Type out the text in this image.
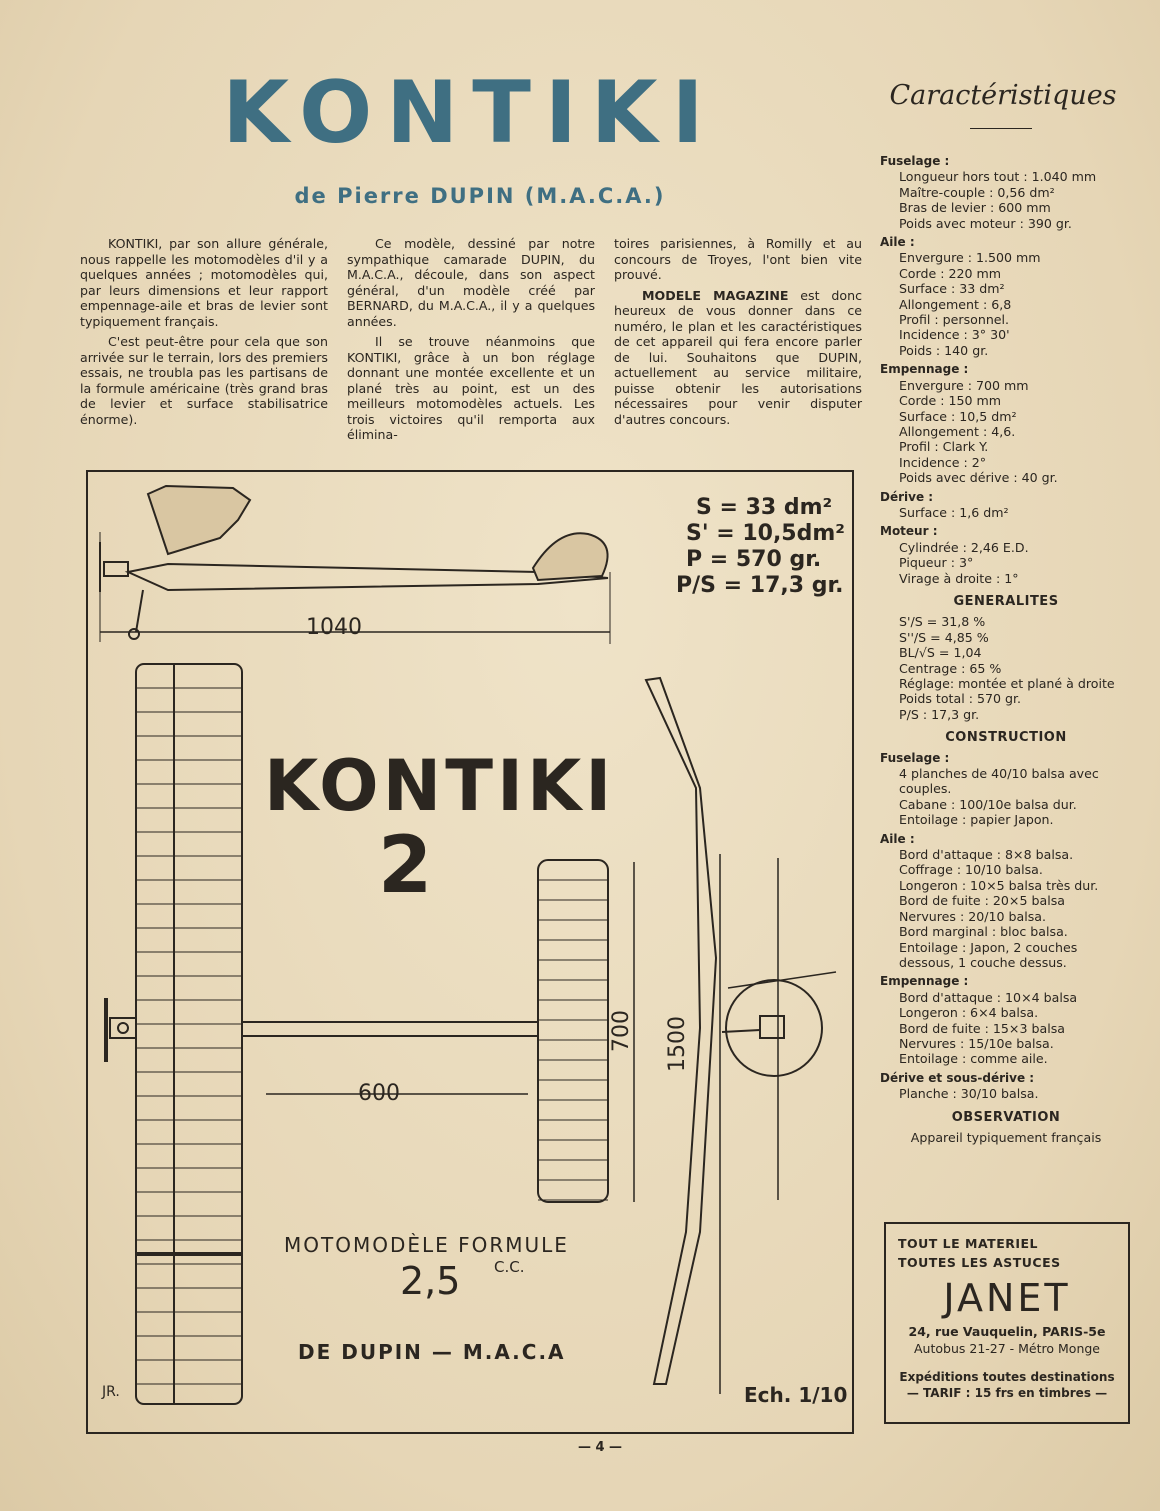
KONTIKI
de Pierre DUPIN (M.A.C.A.)

KONTIKI, par son allure générale, nous rappelle les motomodèles d'il y a quelques années ; motomodèles qui, par leurs dimensions et leur rapport empennage-aile et bras de levier sont typiquement français.

C'est peut-être pour cela que son arrivée sur le terrain, lors des premiers essais, ne troubla pas les partisans de la formule américaine (très grand bras de levier et surface stabilisatrice énorme).

Ce modèle, dessiné par notre sympathique camarade DUPIN, du M.A.C.A., découle, dans son aspect général, d'un modèle créé par BERNARD, du M.A.C.A., il y a quelques années.

Il se trouve néanmoins que KONTIKI, grâce à un bon réglage donnant une montée excellente et un plané très au point, est un des meilleurs motomodèles actuels. Les trois victoires qu'il remporta aux élimina-

toires parisiennes, à Romilly et au concours de Troyes, l'ont bien vite prouvé.

MODELE MAGAZINE est donc heureux de vous donner dans ce numéro, le plan et les caractéristiques de cet appareil qui fera encore parler de lui. Souhaitons que DUPIN, actuellement au service militaire, puisse obtenir les autorisations nécessaires pour venir disputer d'autres concours.

Caractéristiques
Fuselage :
Longueur hors tout : 1.040 mm
Maître-couple : 0,56 dm²
Bras de levier : 600 mm
Poids avec moteur : 390 gr.
Aile :
Envergure : 1.500 mm
Corde : 220 mm
Surface : 33 dm²
Allongement : 6,8
Profil : personnel.
Incidence : 3° 30'
Poids : 140 gr.
Empennage :
Envergure : 700 mm
Corde : 150 mm
Surface : 10,5 dm²
Allongement : 4,6.
Profil : Clark Y.
Incidence : 2°
Poids avec dérive : 40 gr.
Dérive :
Surface : 1,6 dm²
Moteur :
Cylindrée : 2,46 E.D.
Piqueur : 3°
Virage à droite : 1°
GENERALITES
S'/S = 31,8 %
S''/S = 4,85 %
BL/√S = 1,04
Centrage : 65 %
Réglage: montée et plané à droite
Poids total : 570 gr.
P/S : 17,3 gr.
CONSTRUCTION
Fuselage :
4 planches de 40/10 balsa avec couples.
Cabane : 100/10e balsa dur.
Entoilage : papier Japon.
Aile :
Bord d'attaque : 8×8 balsa.
Coffrage : 10/10 balsa.
Longeron : 10×5 balsa très dur.
Bord de fuite : 20×5 balsa
Nervures : 20/10 balsa.
Bord marginal : bloc balsa.
Entoilage : Japon, 2 couches dessous, 1 couche dessus.
Empennage :
Bord d'attaque : 10×4 balsa
Longeron : 6×4 balsa.
Bord de fuite : 15×3 balsa
Nervures : 15/10e balsa.
Entoilage : comme aile.
Dérive et sous-dérive :
Planche : 30/10 balsa.
OBSERVATION
Appareil typiquement français
1040
S = 33 dm²
S' = 10,5dm²
P = 570 gr.
P/S = 17,3 gr.
600
700 1500
KONTIKI
2
MOTOMODÈLE FORMULE
2,5 C.C.
DE DUPIN — M.A.C.A
Ech. 1/10
JR.
TOUT LE MATERIEL
TOUTES LES ASTUCES
JANET
24, rue Vauquelin, PARIS-5e
Autobus 21-27 - Métro Monge
Expéditions toutes destinations
— TARIF : 15 frs en timbres —
— 4 —
